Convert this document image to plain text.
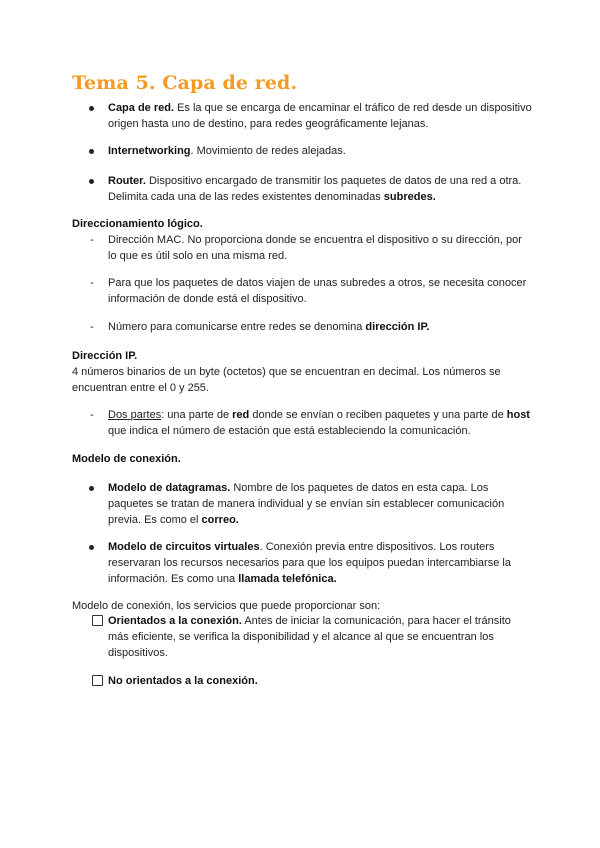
Tema 5. Capa de red.
Capa de red. Es la que se encarga de encaminar el tráfico de red desde un dispositivo origen hasta uno de destino, para redes geográficamente lejanas.
Internetworking. Movimiento de redes alejadas.
Router. Dispositivo encargado de transmitir los paquetes de datos de una red a otra. Delimita cada una de las redes existentes denominadas subredes.
Direccionamiento lógico.
- Dirección MAC. No proporciona donde se encuentra el dispositivo o su dirección, por lo que es útil solo en una misma red.
- Para que los paquetes de datos viajen de unas subredes a otros, se necesita conocer información de donde está el dispositivo.
- Número para comunicarse entre redes se denomina dirección IP.
Dirección IP.
4 números binarios de un byte (octetos) que se encuentran en decimal. Los números se encuentran entre el 0 y 255.
- Dos partes: una parte de red donde se envían o reciben paquetes y una parte de host que indica el número de estación que está estableciendo la comunicación.
Modelo de conexión.
Modelo de datagramas. Nombre de los paquetes de datos en esta capa. Los paquetes se tratan de manera individual y se envían sin establecer comunicación previa. Es como el correo.
Modelo de circuitos virtuales. Conexión previa entre dispositivos. Los routers reservaran los recursos necesarios para que los equipos puedan intercambiarse la información. Es como una llamada telefónica.
Modelo de conexión, los servicios que puede proporcionar son:
Orientados a la conexión. Antes de iniciar la comunicación, para hacer el tránsito más eficiente, se verifica la disponibilidad y el alcance al que se encuentran los dispositivos.
No orientados a la conexión.
